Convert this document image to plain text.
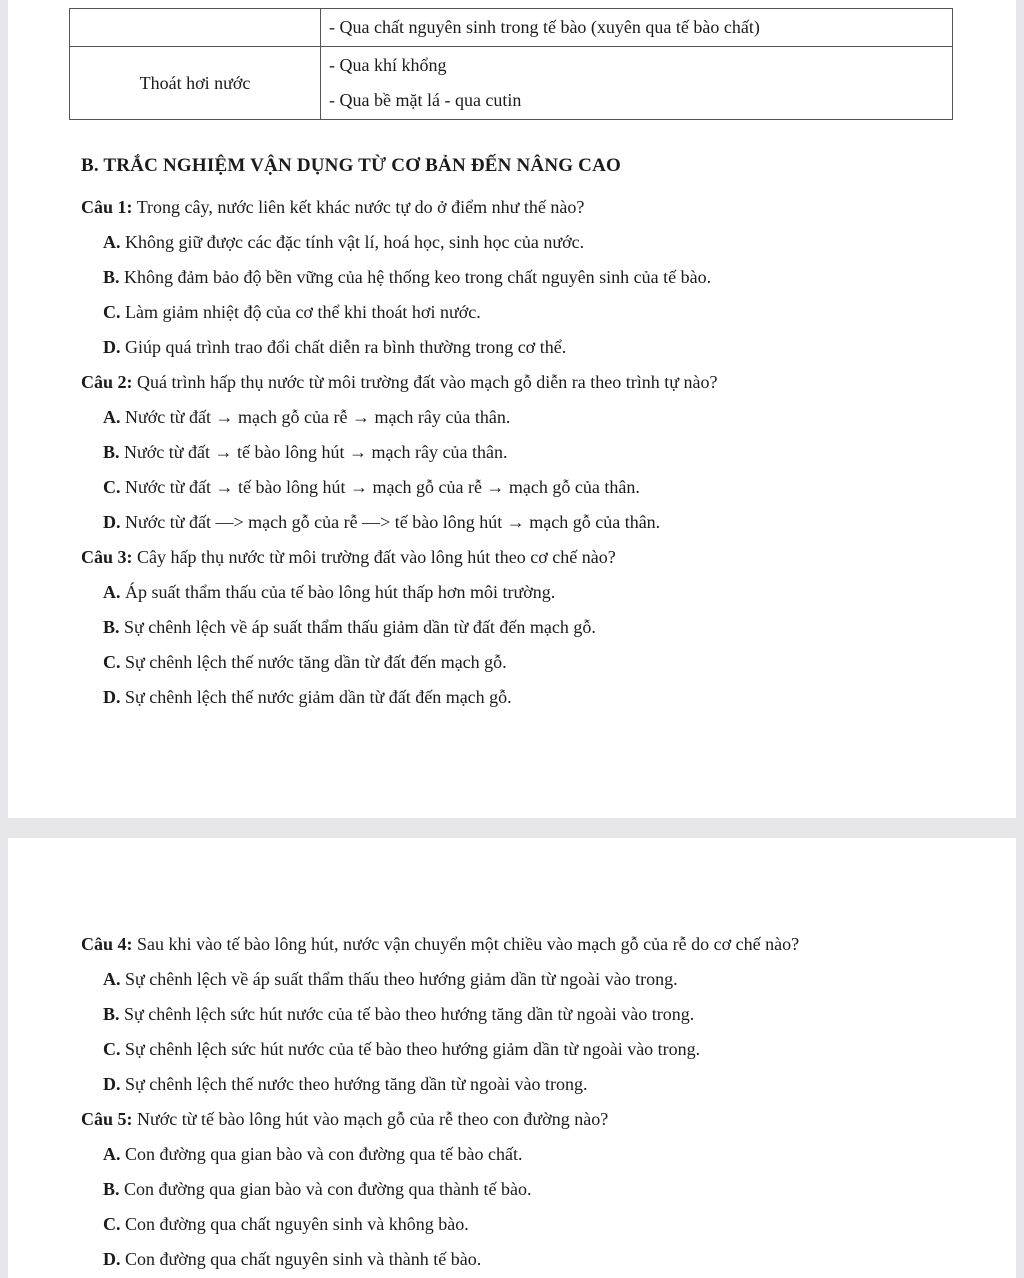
	- Qua chất nguyên sinh trong tế bào (xuyên qua tế bào chất)

Thoát hơi nước	- Qua khí khổng
- Qua bề mặt lá - qua cutin
B. TRẮC NGHIỆM VẬN DỤNG TỪ CƠ BẢN ĐẾN NÂNG CAO
Câu 1: Trong cây, nước liên kết khác nước tự do ở điểm như thế nào?
A. Không giữ được các đặc tính vật lí, hoá học, sinh học của nước.
B. Không đảm bảo độ bền vững của hệ thống keo trong chất nguyên sinh của tế bào.
C. Làm giảm nhiệt độ của cơ thể khi thoát hơi nước.
D. Giúp quá trình trao đổi chất diễn ra bình thường trong cơ thể.
Câu 2: Quá trình hấp thụ nước từ môi trường đất vào mạch gỗ diễn ra theo trình tự nào?
A. Nước từ đất → mạch gỗ của rễ → mạch rây của thân.
B. Nước từ đất → tế bào lông hút → mạch rây của thân.
C. Nước từ đất → tế bào lông hút → mạch gỗ của rễ → mạch gỗ của thân.
D. Nước từ đất —> mạch gỗ của rễ —> tế bào lông hút → mạch gỗ của thân.
Câu 3: Cây hấp thụ nước từ môi trường đất vào lông hút theo cơ chế nào?
A. Áp suất thẩm thấu của tế bào lông hút thấp hơn môi trường.
B. Sự chênh lệch về áp suất thẩm thấu giảm dần từ đất đến mạch gỗ.
C. Sự chênh lệch thế nước tăng dần từ đất đến mạch gỗ.
D. Sự chênh lệch thế nước giảm dần từ đất đến mạch gỗ.
Câu 4: Sau khi vào tế bào lông hút, nước vận chuyển một chiều vào mạch gỗ của rễ do cơ chế nào?
A. Sự chênh lệch về áp suất thẩm thấu theo hướng giảm dần từ ngoài vào trong.
B. Sự chênh lệch sức hút nước của tế bào theo hướng tăng dần từ ngoài vào trong.
C. Sự chênh lệch sức hút nước của tế bào theo hướng giảm dần từ ngoài vào trong.
D. Sự chênh lệch thế nước theo hướng tăng dần từ ngoài vào trong.
Câu 5: Nước từ tế bào lông hút vào mạch gỗ của rễ theo con đường nào?
A. Con đường qua gian bào và con đường qua tế bào chất.
B. Con đường qua gian bào và con đường qua thành tế bào.
C. Con đường qua chất nguyên sinh và không bào.
D. Con đường qua chất nguyên sinh và thành tế bào.
